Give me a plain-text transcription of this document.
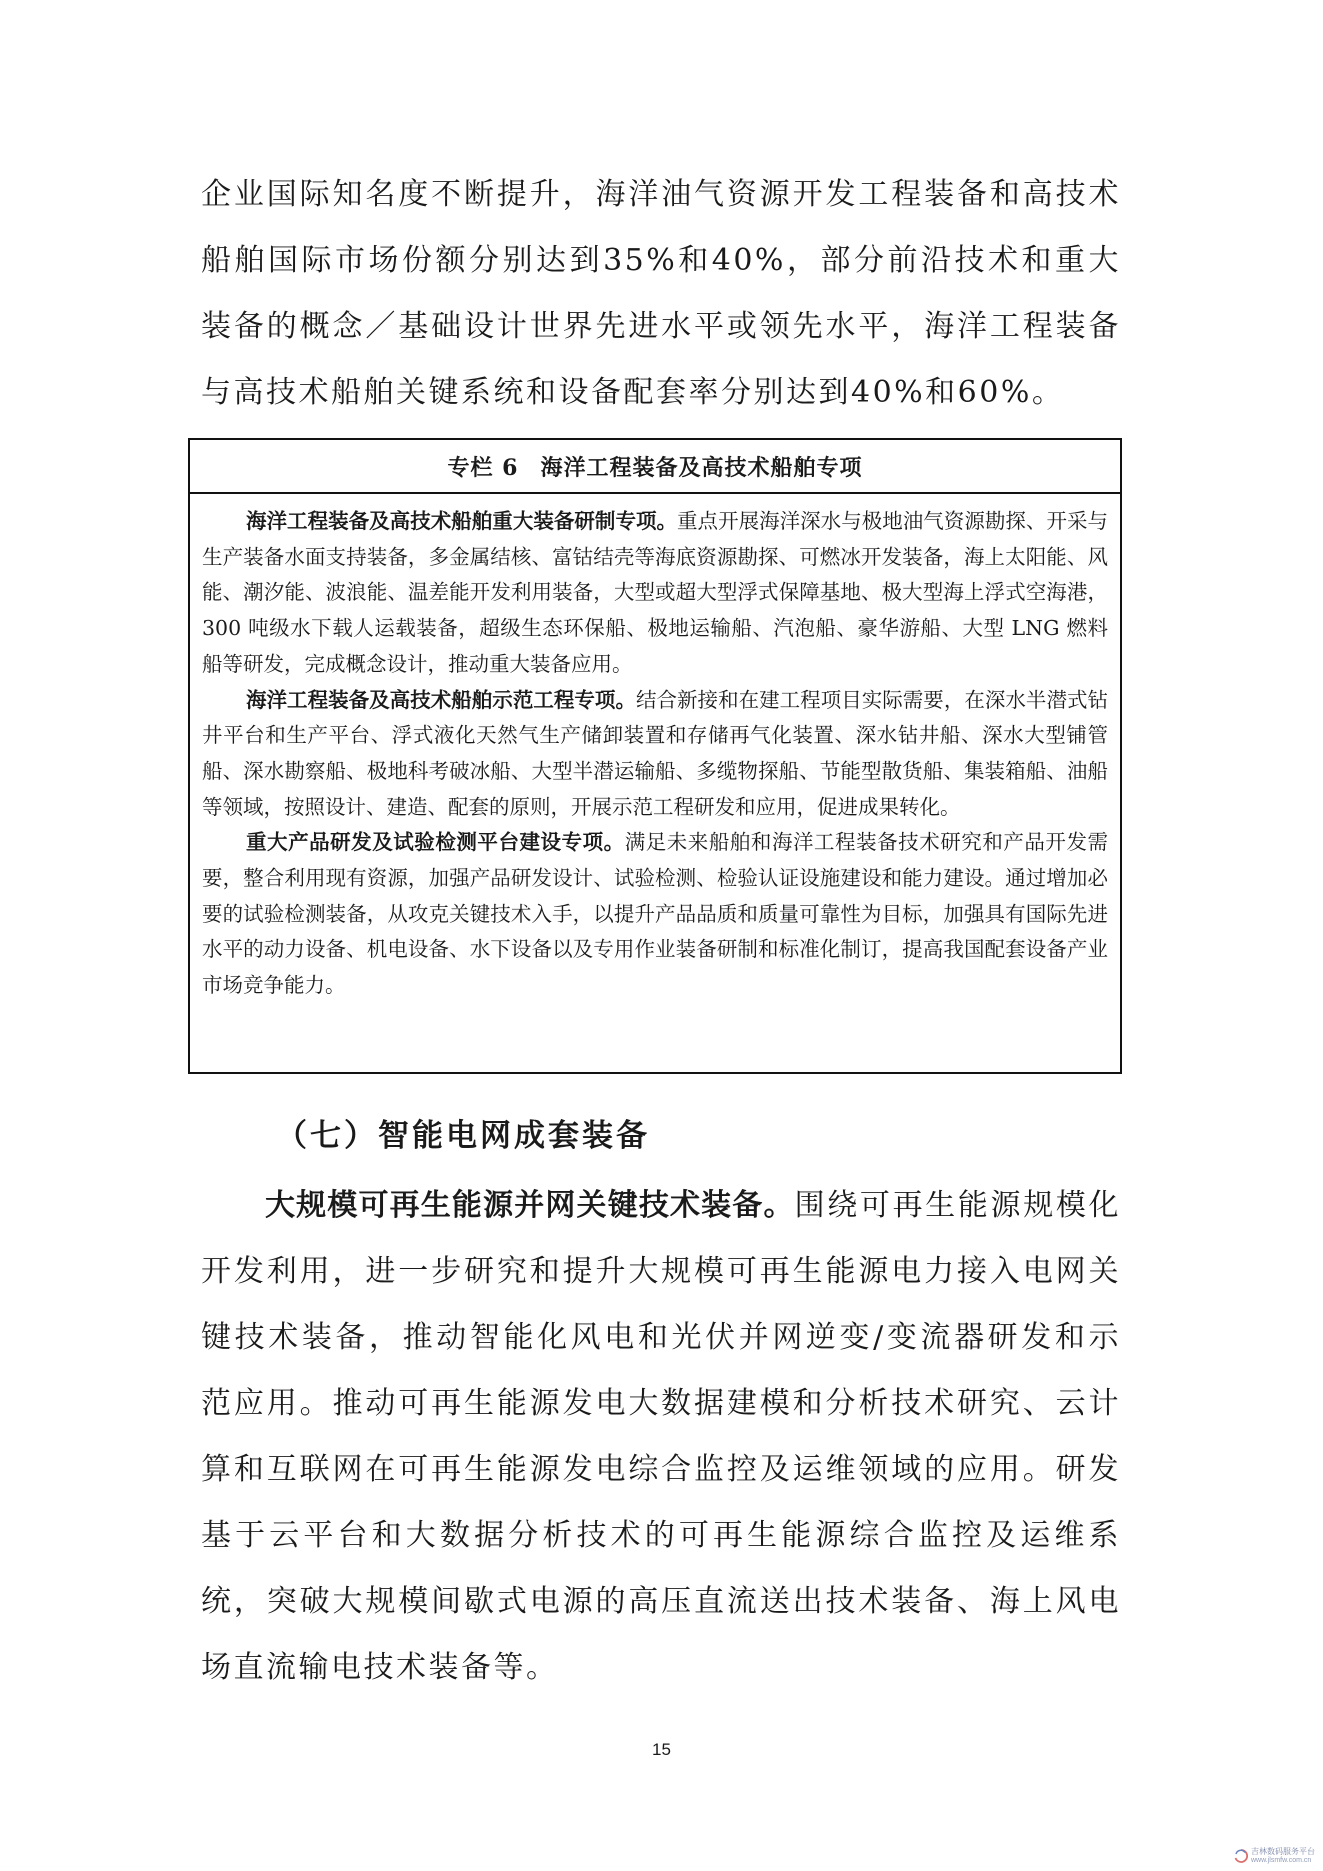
企业国际知名度不断提升，海洋油气资源开发工程装备和高技术船舶国际市场份额分别达到35%和40%，部分前沿技术和重大装备的概念／基础设计世界先进水平或领先水平，海洋工程装备与高技术船舶关键系统和设备配套率分别达到40%和60%。

专栏 6 海洋工程装备及高技术船舶专项

海洋工程装备及高技术船舶重大装备研制专项。重点开展海洋深水与极地油气资源勘探、开采与生产装备水面支持装备，多金属结核、富钴结壳等海底资源勘探、可燃冰开发装备，海上太阳能、风能、潮汐能、波浪能、温差能开发利用装备，大型或超大型浮式保障基地、极大型海上浮式空海港，300 吨级水下载人运载装备，超级生态环保船、极地运输船、汽泡船、豪华游船、大型 LNG 燃料船等研发，完成概念设计，推动重大装备应用。

海洋工程装备及高技术船舶示范工程专项。结合新接和在建工程项目实际需要，在深水半潜式钻井平台和生产平台、浮式液化天然气生产储卸装置和存储再气化装置、深水钻井船、深水大型铺管船、深水勘察船、极地科考破冰船、大型半潜运输船、多缆物探船、节能型散货船、集装箱船、油船等领域，按照设计、建造、配套的原则，开展示范工程研发和应用，促进成果转化。

重大产品研发及试验检测平台建设专项。满足未来船舶和海洋工程装备技术研究和产品开发需要，整合利用现有资源，加强产品研发设计、试验检测、检验认证设施建设和能力建设。通过增加必要的试验检测装备，从攻克关键技术入手，以提升产品品质和质量可靠性为目标，加强具有国际先进水平的动力设备、机电设备、水下设备以及专用作业装备研制和标准化制订，提高我国配套设备产业市场竞争能力。

（七）智能电网成套装备

大规模可再生能源并网关键技术装备。围绕可再生能源规模化开发利用，进一步研究和提升大规模可再生能源电力接入电网关键技术装备，推动智能化风电和光伏并网逆变/变流器研发和示范应用。推动可再生能源发电大数据建模和分析技术研究、云计算和互联网在可再生能源发电综合监控及运维领域的应用。研发基于云平台和大数据分析技术的可再生能源综合监控及运维系统，突破大规模间歇式电源的高压直流送出技术装备、海上风电场直流输电技术装备等。

15
吉林数码服务平台
www.jlsmfw.com.cn
